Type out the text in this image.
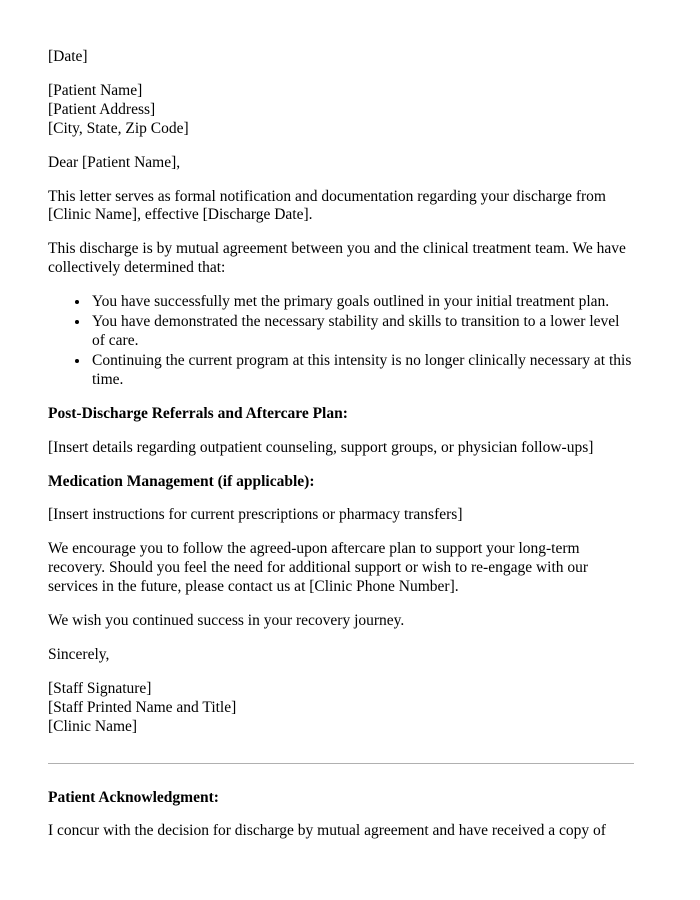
[Date]

[Patient Name]
[Patient Address]
[City, State, Zip Code]

Dear [Patient Name],

This letter serves as formal notification and documentation regarding your discharge from [Clinic Name], effective [Discharge Date].

This discharge is by mutual agreement between you and the clinical treatment team. We have collectively determined that:

• You have successfully met the primary goals outlined in your initial treatment plan.
• You have demonstrated the necessary stability and skills to transition to a lower level of care.
• Continuing the current program at this intensity is no longer clinically necessary at this time.

Post-Discharge Referrals and Aftercare Plan:

[Insert details regarding outpatient counseling, support groups, or physician follow-ups]

Medication Management (if applicable):

[Insert instructions for current prescriptions or pharmacy transfers]

We encourage you to follow the agreed-upon aftercare plan to support your long-term recovery. Should you feel the need for additional support or wish to re-engage with our services in the future, please contact us at [Clinic Phone Number].

We wish you continued success in your recovery journey.

Sincerely,

[Staff Signature]
[Staff Printed Name and Title]
[Clinic Name]

Patient Acknowledgment:

I concur with the decision for discharge by mutual agreement and have received a copy of
